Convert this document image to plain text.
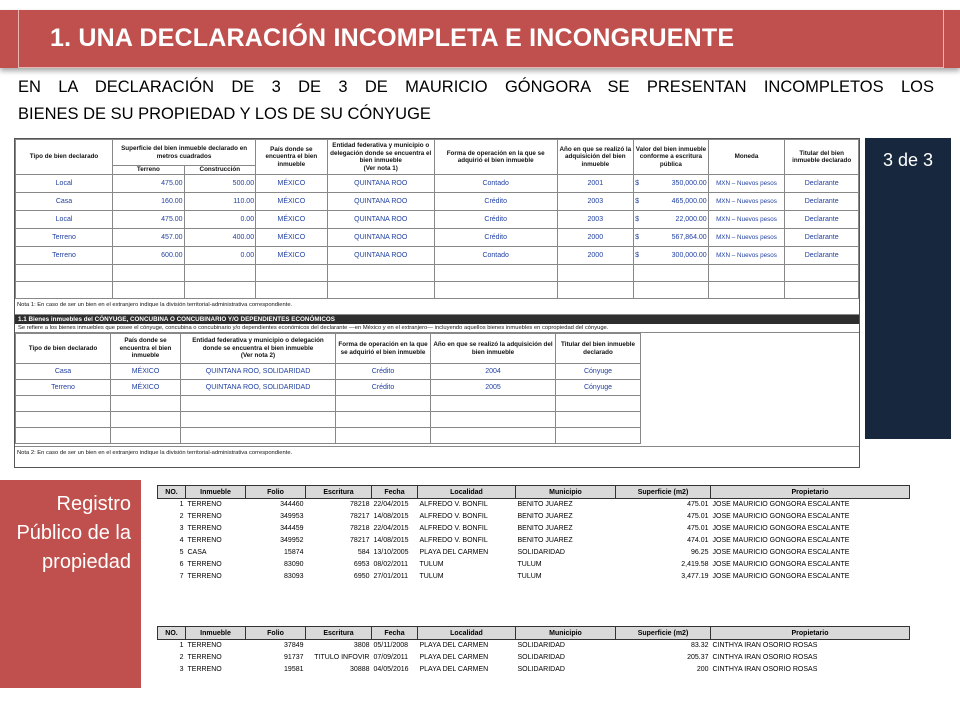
1. UNA DECLARACIÓN INCOMPLETA E INCONGRUENTE
EN LA DECLARACIÓN DE 3 DE 3 DE MAURICIO GÓNGORA SE PRESENTAN INCOMPLETOS LOS
BIENES DE SU PROPIEDAD Y LOS DE SU CÓNYUGE
Tipo de bien declarado	Superficie del bien inmueble declarado en metros cuadrados		País donde se encuentra el bien inmueble	Entidad federativa y municipio o delegación donde se encuentra el bien inmueble
(Ver nota 1)	Forma de operación en la que se adquirió el bien inmueble	Año en que se realizó la adquisición del bien inmueble	Valor del bien inmueble conforme a escritura pública	Moneda	Titular del bien inmueble declarado
	Terreno	Construcción							
Local	475.00	500.00	MÉXICO	QUINTANA ROO	Contado	2001	$ 350,000.00	MXN – Nuevos pesos	Declarante
Casa	160.00	110.00	MÉXICO	QUINTANA ROO	Crédito	2003	$ 465,000.00	MXN – Nuevos pesos	Declarante
Local	475.00	0.00	MÉXICO	QUINTANA ROO	Crédito	2003	$ 22,000.00	MXN – Nuevos pesos	Declarante
Terreno	457.00	400.00	MÉXICO	QUINTANA ROO	Crédito	2000	$ 567,864.00	MXN – Nuevos pesos	Declarante
Terreno	600.00	0.00	MÉXICO	QUINTANA ROO	Contado	2000	$ 300,000.00	MXN – Nuevos pesos	Declarante

Nota 1: En caso de ser un bien en el extranjero indique la división territorial-administrativa correspondiente.
1.1 Bienes inmuebles del CÓNYUGE, CONCUBINA O CONCUBINARIO Y/O DEPENDIENTES ECONÓMICOS
Se refiere a los bienes inmuebles que posee el cónyuge, concubina o concubinario y/o dependientes económicos del declarante —en México y en el extranjero— incluyendo aquellos bienes inmuebles en copropiedad del cónyuge.
Tipo de bien declarado	País donde se encuentra el bien inmueble	Entidad federativa y municipio o delegación donde se encuentra el bien inmueble
(Ver nota 2)	Forma de operación en la que se adquirió el bien inmueble	Año en que se realizó la adquisición del bien inmueble	Titular del bien inmueble declarado
Casa	MÉXICO	QUINTANA ROO, SOLIDARIDAD	Crédito	2004	Cónyuge
Terreno	MÉXICO	QUINTANA ROO, SOLIDARIDAD	Crédito	2005	Cónyuge

Nota 2: En caso de ser un bien en el extranjero indique la división territorial-administrativa correspondiente.
3 de 3
Registro Público de la propiedad
NO.	Inmueble	Folio	Escritura	Fecha	Localidad	Municipio	Superficie (m2)	Propietario
1	TERRENO	344460	78218	22/04/2015	ALFREDO V. BONFIL	BENITO JUAREZ	475.01	JOSE MAURICIO GONGORA ESCALANTE
2	TERRENO	349953	78217	14/08/2015	ALFREDO V. BONFIL	BENITO JUAREZ	475.01	JOSE MAURICIO GONGORA ESCALANTE
3	TERRENO	344459	78218	22/04/2015	ALFREDO V. BONFIL	BENITO JUAREZ	475.01	JOSE MAURICIO GONGORA ESCALANTE
4	TERRENO	349952	78217	14/08/2015	ALFREDO V. BONFIL	BENITO JUAREZ	474.01	JOSE MAURICIO GONGORA ESCALANTE
5	CASA	15874	584	13/10/2005	PLAYA DEL CARMEN	SOLIDARIDAD	96.25	JOSE MAURICIO GONGORA ESCALANTE
6	TERRENO	83090	6953	08/02/2011	TULUM	TULUM	2,419.58	JOSE MAURICIO GONGORA ESCALANTE
7	TERRENO	83093	6950	27/01/2011	TULUM	TULUM	3,477.19	JOSE MAURICIO GONGORA ESCALANTE
NO.	Inmueble	Folio	Escritura	Fecha	Localidad	Municipio	Superficie (m2)	Propietario
1	TERRENO	37849	3808	05/11/2008	PLAYA DEL CARMEN	SOLIDARIDAD	83.32	CINTHYA IRAN OSORIO ROSAS
2	TERRENO	91737	TITULO INFOVIR	07/09/2011	PLAYA DEL CARMEN	SOLIDARIDAD	205.37	CINTHYA IRAN OSORIO ROSAS
3	TERRENO	19581	30888	04/05/2016	PLAYA DEL CARMEN	SOLIDARIDAD	200	CINTHYA IRAN OSORIO ROSAS
